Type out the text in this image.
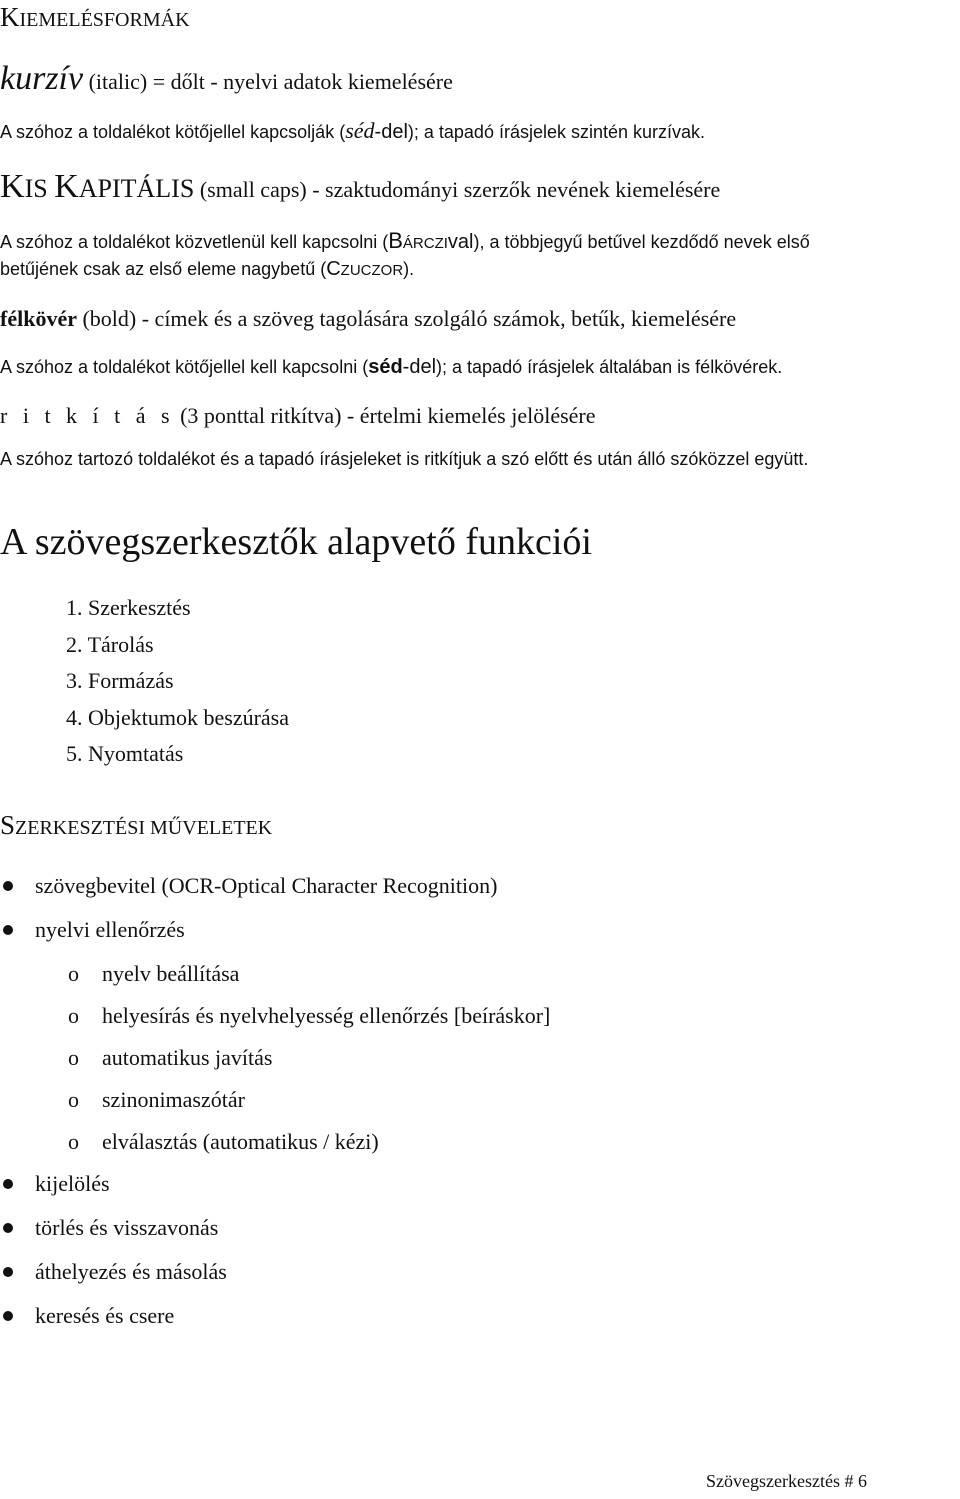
KIEMELÉSFORMÁK
kurzív (italic) = dőlt - nyelvi adatok kiemelésére
A szóhoz a toldalékot kötőjellel kapcsolják (séd-del); a tapadó írásjelek szintén kurzívak.
KIS KAPITÁLIS (small caps) - szaktudományi szerzők nevének kiemelésére
A szóhoz a toldalékot közvetlenül kell kapcsolni (BÁRCZIval), a többjegyű betűvel kezdődő nevek első
betűjének csak az első eleme nagybetű (CZUCZOR).
félkövér (bold) - címek és a szöveg tagolására szolgáló számok, betűk, kiemelésére
A szóhoz a toldalékot kötőjellel kell kapcsolni (séd-del); a tapadó írásjelek általában is félkövérek.
r i t k í t á s (3 ponttal ritkítva) - értelmi kiemelés jelölésére
A szóhoz tartozó toldalékot és a tapadó írásjeleket is ritkítjuk a szó előtt és után álló szóközzel együtt.
A szövegszerkesztők alapvető funkciói
1. Szerkesztés
2. Tárolás
3. Formázás
4. Objektumok beszúrása
5. Nyomtatás
SZERKESZTÉSI MŰVELETEK
szövegbevitel (OCR-Optical Character Recognition)
nyelvi ellenőrzés
o nyelv beállítása
o helyesírás és nyelvhelyesség ellenőrzés [beíráskor]
o automatikus javítás
o szinonimaszótár
o elválasztás (automatikus / kézi)
kijelölés
törlés és visszavonás
áthelyezés és másolás
keresés és csere
Szövegszerkesztés # 6
